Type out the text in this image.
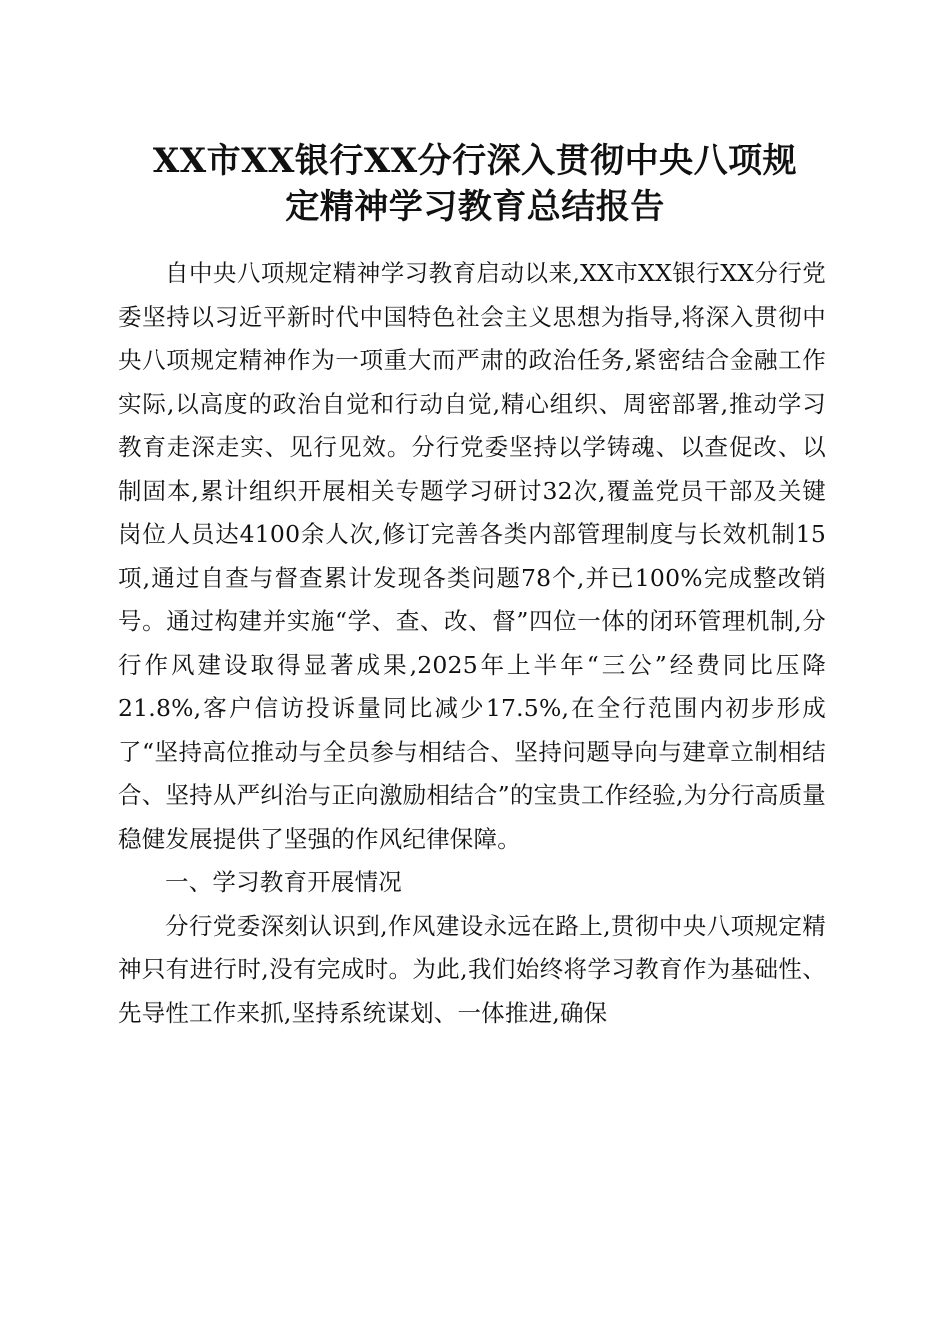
XX市XX银行XX分行深入贯彻中央八项规
定精神学习教育总结报告

自中央八项规定精神学习教育启动以来,XX市XX银行XX分行党委坚持以习近平新时代中国特色社会主义思想为指导,将深入贯彻中央八项规定精神作为一项重大而严肃的政治任务,紧密结合金融工作实际,以高度的政治自觉和行动自觉,精心组织、周密部署,推动学习教育走深走实、见行见效。分行党委坚持以学铸魂、以查促改、以制固本,累计组织开展相关专题学习研讨32次,覆盖党员干部及关键岗位人员达4100余人次,修订完善各类内部管理制度与长效机制15项,通过自查与督查累计发现各类问题78个,并已100%完成整改销号。通过构建并实施“学、查、改、督”四位一体的闭环管理机制,分行作风建设取得显著成果,2025年上半年“三公”经费同比压降21.8%,客户信访投诉量同比减少17.5%,在全行范围内初步形成了“坚持高位推动与全员参与相结合、坚持问题导向与建章立制相结合、坚持从严纠治与正向激励相结合”的宝贵工作经验,为分行高质量稳健发展提供了坚强的作风纪律保障。

一、学习教育开展情况

分行党委深刻认识到,作风建设永远在路上,贯彻中央八项规定精神只有进行时,没有完成时。为此,我们始终将学习教育作为基础性、先导性工作来抓,坚持系统谋划、一体推进,确保
